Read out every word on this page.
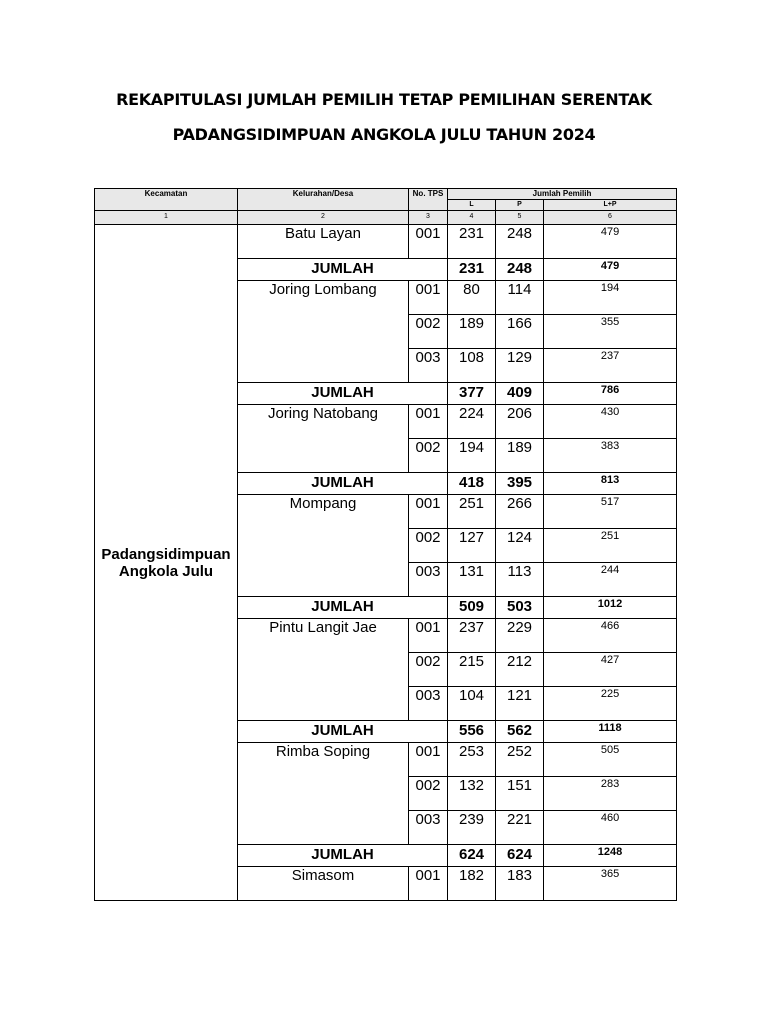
REKAPITULASI JUMLAH PEMILIH TETAP PEMILIHAN SERENTAK
PADANGSIDIMPUAN ANGKOLA JULU TAHUN 2024
Kecamatan	Kelurahan/Desa	No. TPS	Jumlah Pemilih		
			L	P	L+P
1	2	3	4	5	6
Padangsidimpuan Angkola Julu	Batu Layan	001	231	248	479
	JUMLAH		231	248	479
	Joring Lombang	001	80	114	194
		002	189	166	355
		003	108	129	237
	JUMLAH		377	409	786
	Joring Natobang	001	224	206	430
		002	194	189	383
	JUMLAH		418	395	813
	Mompang	001	251	266	517
		002	127	124	251
		003	131	113	244
	JUMLAH		509	503	1012
	Pintu Langit Jae	001	237	229	466
		002	215	212	427
		003	104	121	225
	JUMLAH		556	562	1118
	Rimba Soping	001	253	252	505
		002	132	151	283
		003	239	221	460
	JUMLAH		624	624	1248
	Simasom	001	182	183	365
